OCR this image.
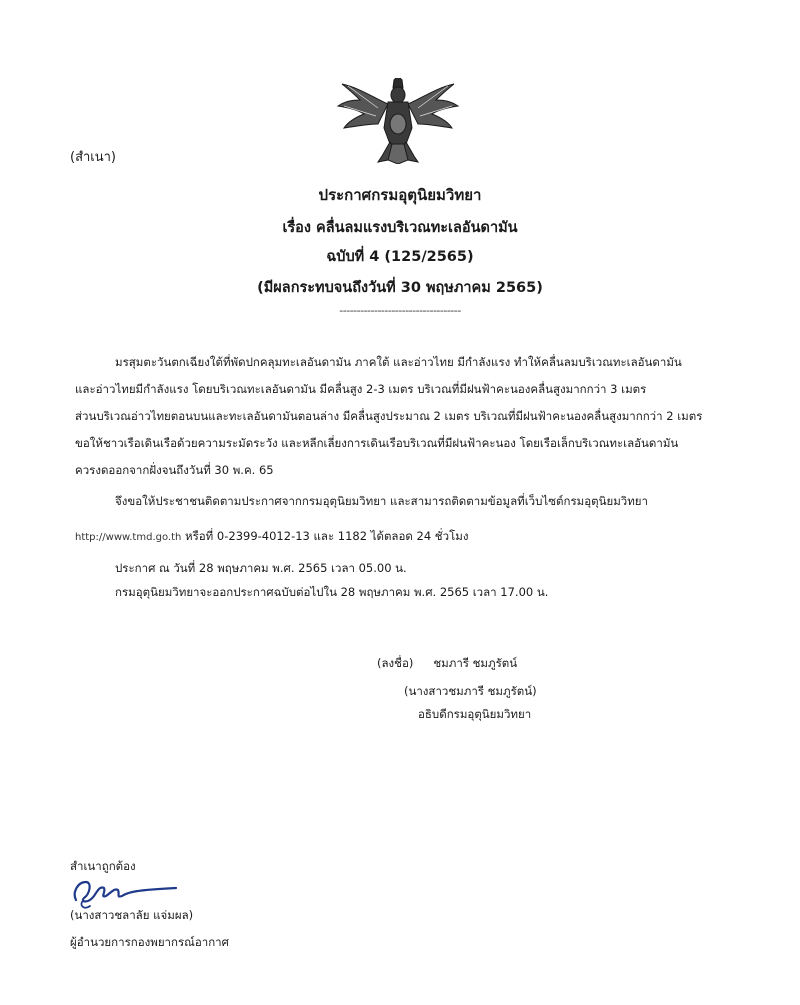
(สำเนา)
ประกาศกรมอุตุนิยมวิทยา
เรื่อง คลื่นลมแรงบริเวณทะเลอันดามัน
ฉบับที่ 4 (125/2565)
(มีผลกระทบจนถึงวันที่ 30 พฤษภาคม 2565)
-----------------------------------
มรสุมตะวันตกเฉียงใต้ที่พัดปกคลุมทะเลอันดามัน ภาคใต้ และอ่าวไทย มีกำลังแรง ทำให้คลื่นลมบริเวณทะเลอันดามัน
และอ่าวไทยมีกำลังแรง โดยบริเวณทะเลอันดามัน มีคลื่นสูง 2-3 เมตร บริเวณที่มีฝนฟ้าคะนองคลื่นสูงมากกว่า 3 เมตร
ส่วนบริเวณอ่าวไทยตอนบนและทะเลอันดามันตอนล่าง มีคลื่นสูงประมาณ 2 เมตร บริเวณที่มีฝนฟ้าคะนองคลื่นสูงมากกว่า 2 เมตร
ขอให้ชาวเรือเดินเรือด้วยความระมัดระวัง และหลีกเลี่ยงการเดินเรือบริเวณที่มีฝนฟ้าคะนอง โดยเรือเล็กบริเวณทะเลอันดามัน
ควรงดออกจากฝั่งจนถึงวันที่ 30 พ.ค. 65
จึงขอให้ประชาชนติดตามประกาศจากกรมอุตุนิยมวิทยา และสามารถติดตามข้อมูลที่เว็บไซต์กรมอุตุนิยมวิทยา
http://www.tmd.go.th หรือที่ 0-2399-4012-13 และ 1182 ได้ตลอด 24 ชั่วโมง
ประกาศ ณ วันที่ 28 พฤษภาคม พ.ศ. 2565 เวลา 05.00 น.
กรมอุตุนิยมวิทยาจะออกประกาศฉบับต่อไปใน 28 พฤษภาคม พ.ศ. 2565 เวลา 17.00 น.
(ลงชื่อ) ชมภารี ชมภูรัตน์
(นางสาวชมภารี ชมภูรัตน์)
อธิบดีกรมอุตุนิยมวิทยา
สำเนาถูกต้อง
(นางสาวชลาลัย แจ่มผล)
ผู้อำนวยการกองพยากรณ์อากาศ
